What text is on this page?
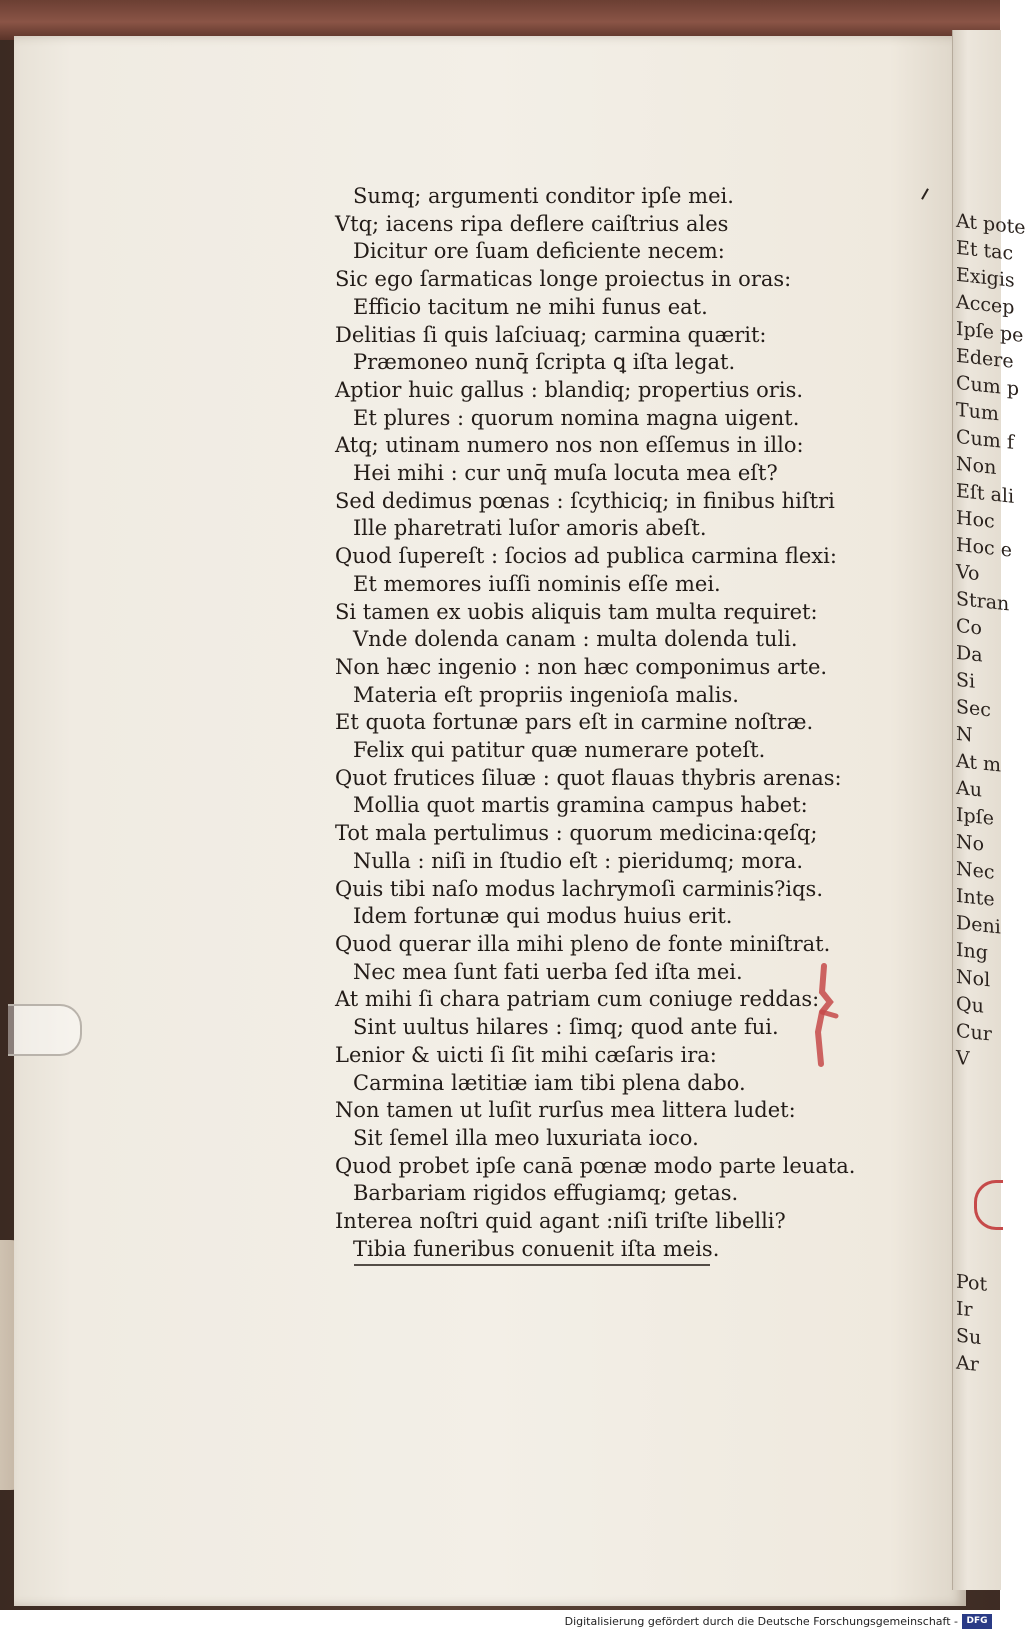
At pote
Et tac
Exigis
Accep
Ipſe pe
Edere
Cum p
Tum
Cum f
Non
Eſt ali
Hoc
Hoc e
Vo
Stran
Co
Da
Si
Sec
N
At m
Au
Ipſe
No
Nec
Inte
Deni
Ing
Nol
Qu
Cur
V
Pot
Ir
Su
Ar
Sumq; argumenti conditor ipſe mei.
Vtq; iacens ripa deflere caiſtrius ales
Dicitur ore ſuam deficiente necem:
Sic ego ſarmaticas longe proiectus in oras:
Efficio tacitum ne mihi funus eat.
Delitias ſi quis laſciuaq; carmina quærit:
Præmoneo nunq̄ ſcripta ꝗ iſta legat.
Aptior huic gallus : blandiq; propertius oris.
Et plures : quorum nomina magna uigent.
Atq; utinam numero nos non eſſemus in illo:
Hei mihi : cur unq̄ muſa locuta mea eſt?
Sed dedimus pœnas : ſcythiciq; in finibus hiſtri
Ille pharetrati luſor amoris abeſt.
Quod ſupereſt : ſocios ad publica carmina flexi:
Et memores iuſſi nominis eſſe mei.
Si tamen ex uobis aliquis tam multa requiret:
Vnde dolenda canam : multa dolenda tuli.
Non hæc ingenio : non hæc componimus arte.
Materia eſt propriis ingenioſa malis.
Et quota fortunæ pars eſt in carmine noſtræ.
Felix qui patitur quæ numerare poteſt.
Quot frutices ſiluæ : quot flauas thybris arenas:
Mollia quot martis gramina campus habet:
Tot mala pertulimus : quorum medicina:qeſq;
Nulla : niſi in ſtudio eſt : pieridumq; mora.
Quis tibi naſo modus lachrymoſi carminis?iqs.
Idem fortunæ qui modus huius erit.
Quod querar illa mihi pleno de fonte miniſtrat.
Nec mea ſunt fati uerba ſed iſta mei.
At mihi ſi chara patriam cum coniuge reddas:
Sint uultus hilares : ſimq; quod ante fui.
Lenior & uicti ſi ſit mihi cæſaris ira:
Carmina lætitiæ iam tibi plena dabo.
Non tamen ut luſit rurſus mea littera ludet:
Sit ſemel illa meo luxuriata ioco.
Quod probet ipſe canā pœnæ modo parte leuata.
Barbariam rigidos effugiamq; getas.
Interea noſtri quid agant :niſi triſte libelli?
Tibia funeribus conuenit iſta meis.
Digitalisierung gefördert durch die Deutsche Forschungsgemeinschaft - DFG
